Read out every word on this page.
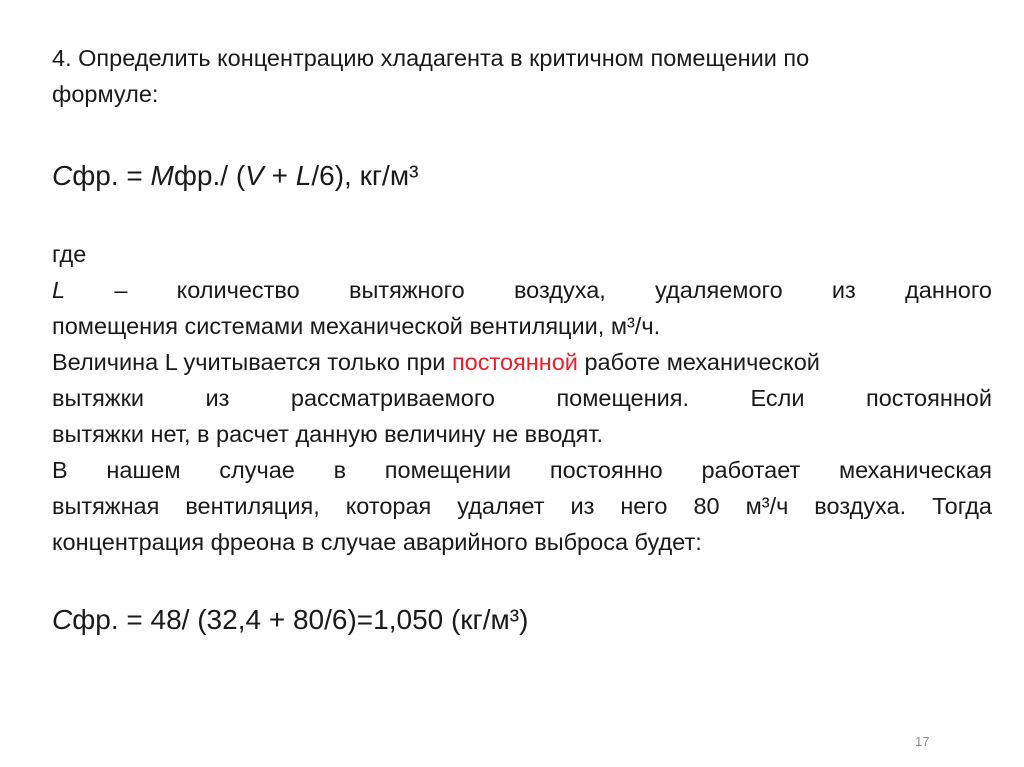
4. Определить концентрацию хладагента в критичном помещении по

формуле:

Сфр. = Мфр./ (V + L/6), кг/м³

где

L – количество вытяжного воздуха, удаляемого из данного

помещения системами механической вентиляции, м³/ч.

Величина L учитывается только при постоянной работе механической

вытяжки из рассматриваемого помещения. Если постоянной

вытяжки нет, в расчет данную величину не вводят.

В нашем случае в помещении постоянно работает механическая

вытяжная вентиляция, которая удаляет из него 80 м³/ч воздуха. Тогда

концентрация фреона в случае аварийного выброса будет:

Сфр. = 48/ (32,4 + 80/6)=1,050 (кг/м³)

17
